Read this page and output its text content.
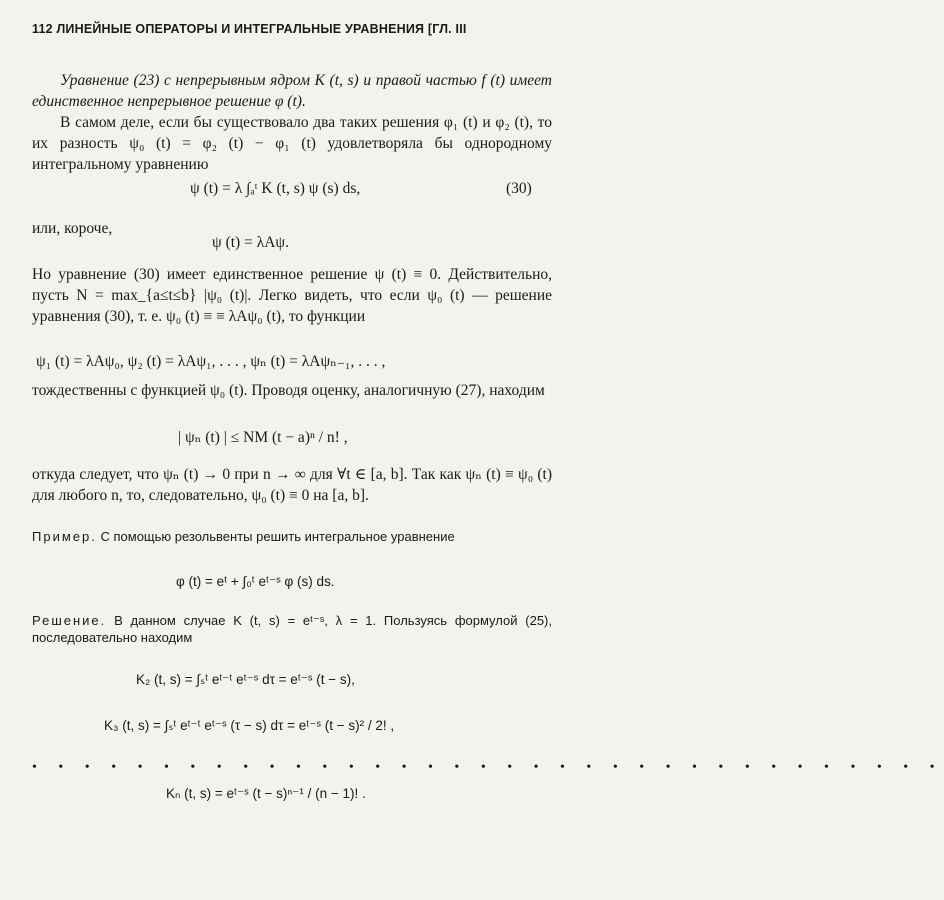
112 ЛИНЕЙНЫЕ ОПЕРАТОРЫ И ИНТЕГРАЛЬНЫЕ УРАВНЕНИЯ [ГЛ. III

Уравнение (23) с непрерывным ядром K (t, s) и правой частью f (t) имеет единственное непрерывное решение φ (t).

В самом деле, если бы существовало два таких решения φ₁ (t) и φ₂ (t), то их разность ψ₀ (t) = φ₂ (t) − φ₁ (t) удовлетворяла бы однородному интегральному уравнению

ψ (t) = λ ∫ₐᵗ K (t, s) ψ (s) ds,	(30)

или, короче,

ψ (t) = λAψ.

Но уравнение (30) имеет единственное решение ψ (t) ≡ 0. Действительно, пусть N = max_{a≤t≤b} |ψ₀ (t)|. Легко видеть, что если ψ₀ (t) — решение уравнения (30), т. е. ψ₀ (t) ≡ ≡ λAψ₀ (t), то функции

ψ₁ (t) = λAψ₀, ψ₂ (t) = λAψ₁, . . . , ψₙ (t) = λAψₙ₋₁, . . . ,

тождественны с функцией ψ₀ (t). Проводя оценку, аналогичную (27), находим

| ψₙ (t) | ≤ NM (t − a)ⁿ / n! ,

откуда следует, что ψₙ (t) → 0 при n → ∞ для ∀t ∈ [a, b]. Так как ψₙ (t) ≡ ψ₀ (t) для любого n, то, следовательно, ψ₀ (t) ≡ 0 на [a, b].

Пример. С помощью резольвенты решить интегральное уравнение

φ (t) = eᵗ + ∫₀ᵗ eᵗ⁻ˢ φ (s) ds.

Решение. В данном случае K (t, s) = eᵗ⁻ˢ, λ = 1. Пользуясь формулой (25), последовательно находим

K₂ (t, s) = ∫ₛᵗ eᵗ⁻ᵗ eᵗ⁻ˢ dτ = eᵗ⁻ˢ (t − s),
K₃ (t, s) = ∫ₛᵗ eᵗ⁻ᵗ eᵗ⁻ˢ (τ − s) dτ = eᵗ⁻ˢ (t − s)² / 2! ,
• • • • • • • • • • • • • • • • • • • • • • • • • • • • • • • • • • •
Kₙ (t, s) = eᵗ⁻ˢ (t − s)ⁿ⁻¹ / (n − 1)! .
